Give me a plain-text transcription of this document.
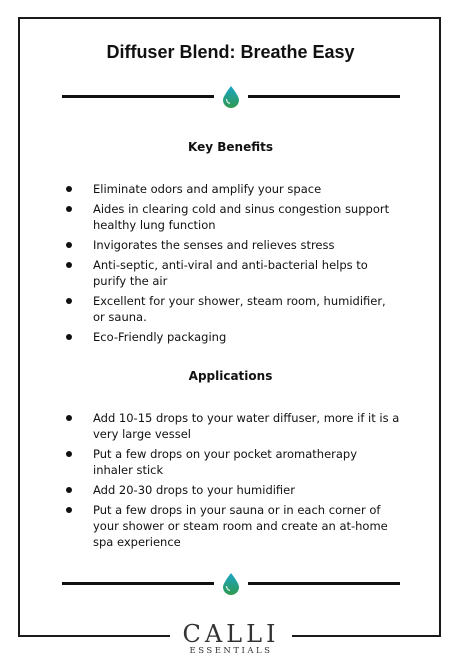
Diffuser Blend: Breathe Easy
Key Benefits
Eliminate odors and amplify your space
Aides in clearing cold and sinus congestion support healthy lung function
Invigorates the senses and relieves stress
Anti-septic, anti-viral and anti-bacterial helps to purify the air
Excellent for your shower, steam room, humidifier, or sauna.
Eco-Friendly packaging
Applications
Add 10-15 drops to your water diffuser, more if it is a very large vessel
Put a few drops on your pocket aromatherapy inhaler stick
Add 20-30 drops to your humidifier
Put a few drops in your sauna or in each corner of your shower or steam room and create an at-home spa experience
CALLI
ESSENTIALS
